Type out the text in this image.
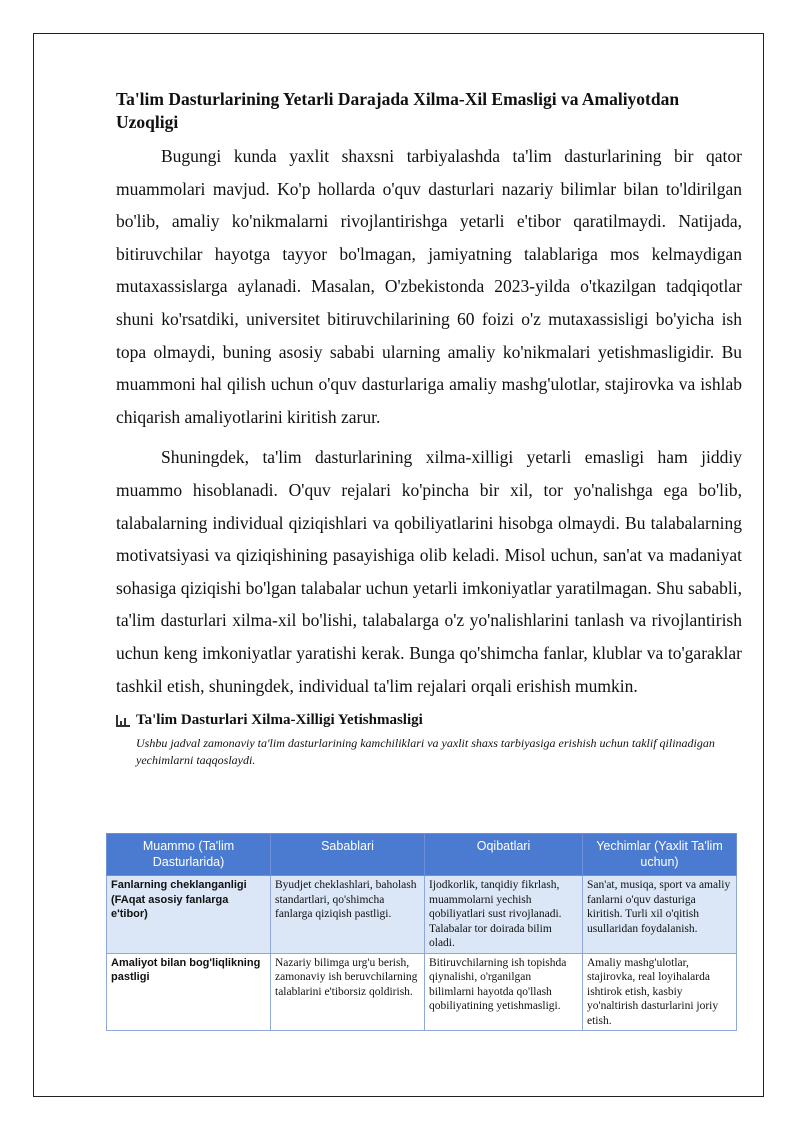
Ta'lim Dasturlarining Yetarli Darajada Xilma-Xil Emasligi va Amaliyotdan Uzoqligi

Bugungi kunda yaxlit shaxsni tarbiyalashda ta'lim dasturlarining bir qator muammolari mavjud. Ko'p hollarda o'quv dasturlari nazariy bilimlar bilan to'ldirilgan bo'lib, amaliy ko'nikmalarni rivojlantirishga yetarli e'tibor qaratilmaydi. Natijada, bitiruvchilar hayotga tayyor bo'lmagan, jamiyatning talablariga mos kelmaydigan mutaxassislarga aylanadi. Masalan, O'zbekistonda 2023-yilda o'tkazilgan tadqiqotlar shuni ko'rsatdiki, universitet bitiruvchilarining 60 foizi o'z mutaxassisligi bo'yicha ish topa olmaydi, buning asosiy sababi ularning amaliy ko'nikmalari yetishmasligidir. Bu muammoni hal qilish uchun o'quv dasturlariga amaliy mashg'ulotlar, stajirovka va ishlab chiqarish amaliyotlarini kiritish zarur.

Shuningdek, ta'lim dasturlarining xilma-xilligi yetarli emasligi ham jiddiy muammo hisoblanadi. O'quv rejalari ko'pincha bir xil, tor yo'nalishga ega bo'lib, talabalarning individual qiziqishlari va qobiliyatlarini hisobga olmaydi. Bu talabalarning motivatsiyasi va qiziqishining pasayishiga olib keladi. Misol uchun, san'at va madaniyat sohasiga qiziqishi bo'lgan talabalar uchun yetarli imkoniyatlar yaratilmagan. Shu sababli, ta'lim dasturlari xilma-xil bo'lishi, talabalarga o'z yo'nalishlarini tanlash va rivojlantirish uchun keng imkoniyatlar yaratishi kerak. Bunga qo'shimcha fanlar, klublar va to'garaklar tashkil etish, shuningdek, individual ta'lim rejalari orqali erishish mumkin.

Ta'lim Dasturlari Xilma-Xilligi Yetishmasligi

Ushbu jadval zamonaviy ta'lim dasturlarining kamchiliklari va yaxlit shaxs tarbiyasiga erishish uchun taklif qilinadigan yechimlarni taqqoslaydi.

Muammo (Ta'lim Dasturlarida)	Sabablari	Oqibatlari	Yechimlar (Yaxlit Ta'lim uchun)
Fanlarning cheklanganligi (FAqat asosiy fanlarga e'tibor)	Byudjet cheklashlari, baholash standartlari, qo'shimcha fanlarga qiziqish pastligi.	Ijodkorlik, tanqidiy fikrlash, muammolarni yechish qobiliyatlari sust rivojlanadi. Talabalar tor doirada bilim oladi.	San'at, musiqa, sport va amaliy fanlarni o'quv dasturiga kiritish. Turli xil o'qitish usullaridan foydalanish.
Amaliyot bilan bog'liqlikning pastligi	Nazariy bilimga urg'u berish, zamonaviy ish beruvchilarning talablarini e'tiborsiz qoldirish.	Bitiruvchilarning ish topishda qiynalishi, o'rganilgan bilimlarni hayotda qo'llash qobiliyatining yetishmasligi.	Amaliy mashg'ulotlar, stajirovka, real loyihalarda ishtirok etish, kasbiy yo'naltirish dasturlarini joriy etish.
